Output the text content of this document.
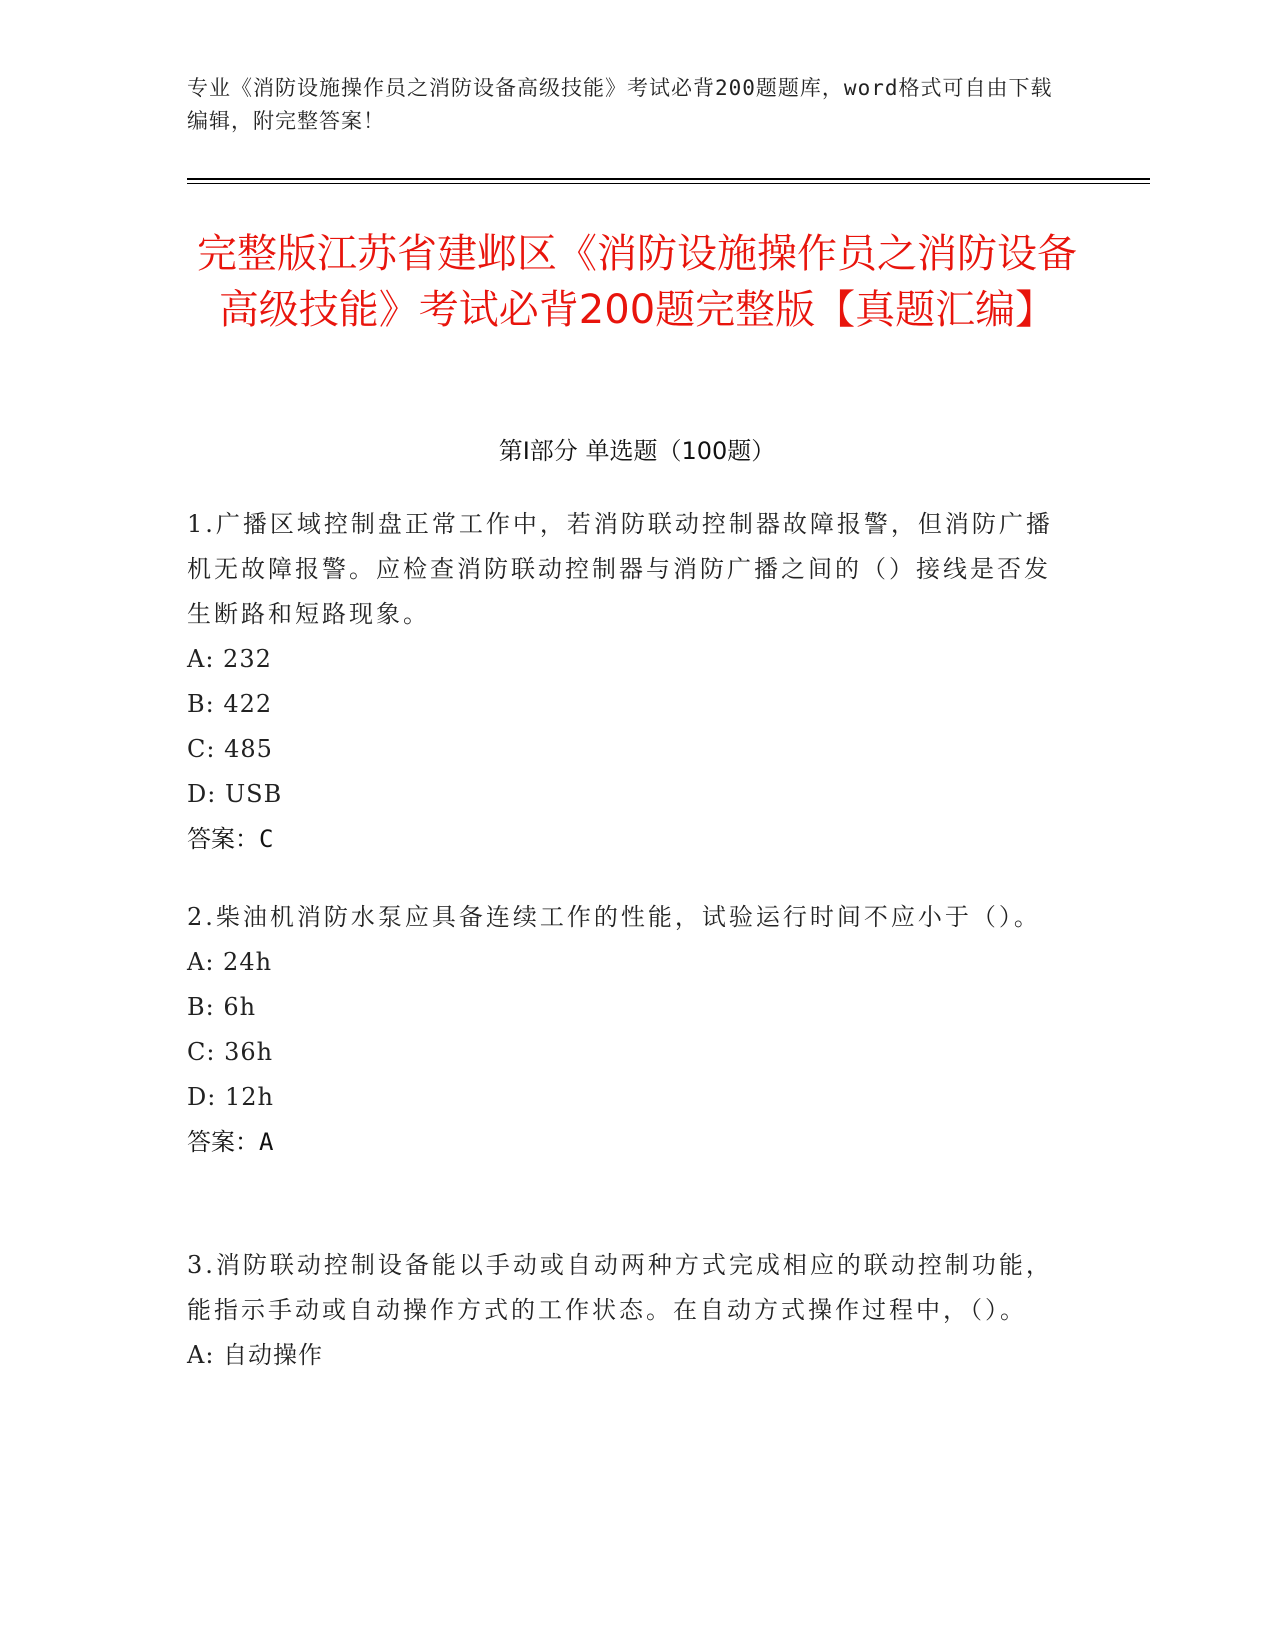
专业《消防设施操作员之消防设备高级技能》考试必背200题题库，word格式可自由下载编辑，附完整答案！
完整版江苏省建邺区《消防设施操作员之消防设备高级技能》考试必背200题完整版【真题汇编】
第Ⅰ部分 单选题（100题）

1.广播区域控制盘正常工作中，若消防联动控制器故障报警，但消防广播机无故障报警。应检查消防联动控制器与消防广播之间的（）接线是否发生断路和短路现象。

A: 232

B: 422

C: 485

D: USB

答案：C

2.柴油机消防水泵应具备连续工作的性能，试验运行时间不应小于（）。

A: 24h

B: 6h

C: 36h

D: 12h

答案：A

3.消防联动控制设备能以手动或自动两种方式完成相应的联动控制功能，能指示手动或自动操作方式的工作状态。在自动方式操作过程中，（）。

A: 自动操作
